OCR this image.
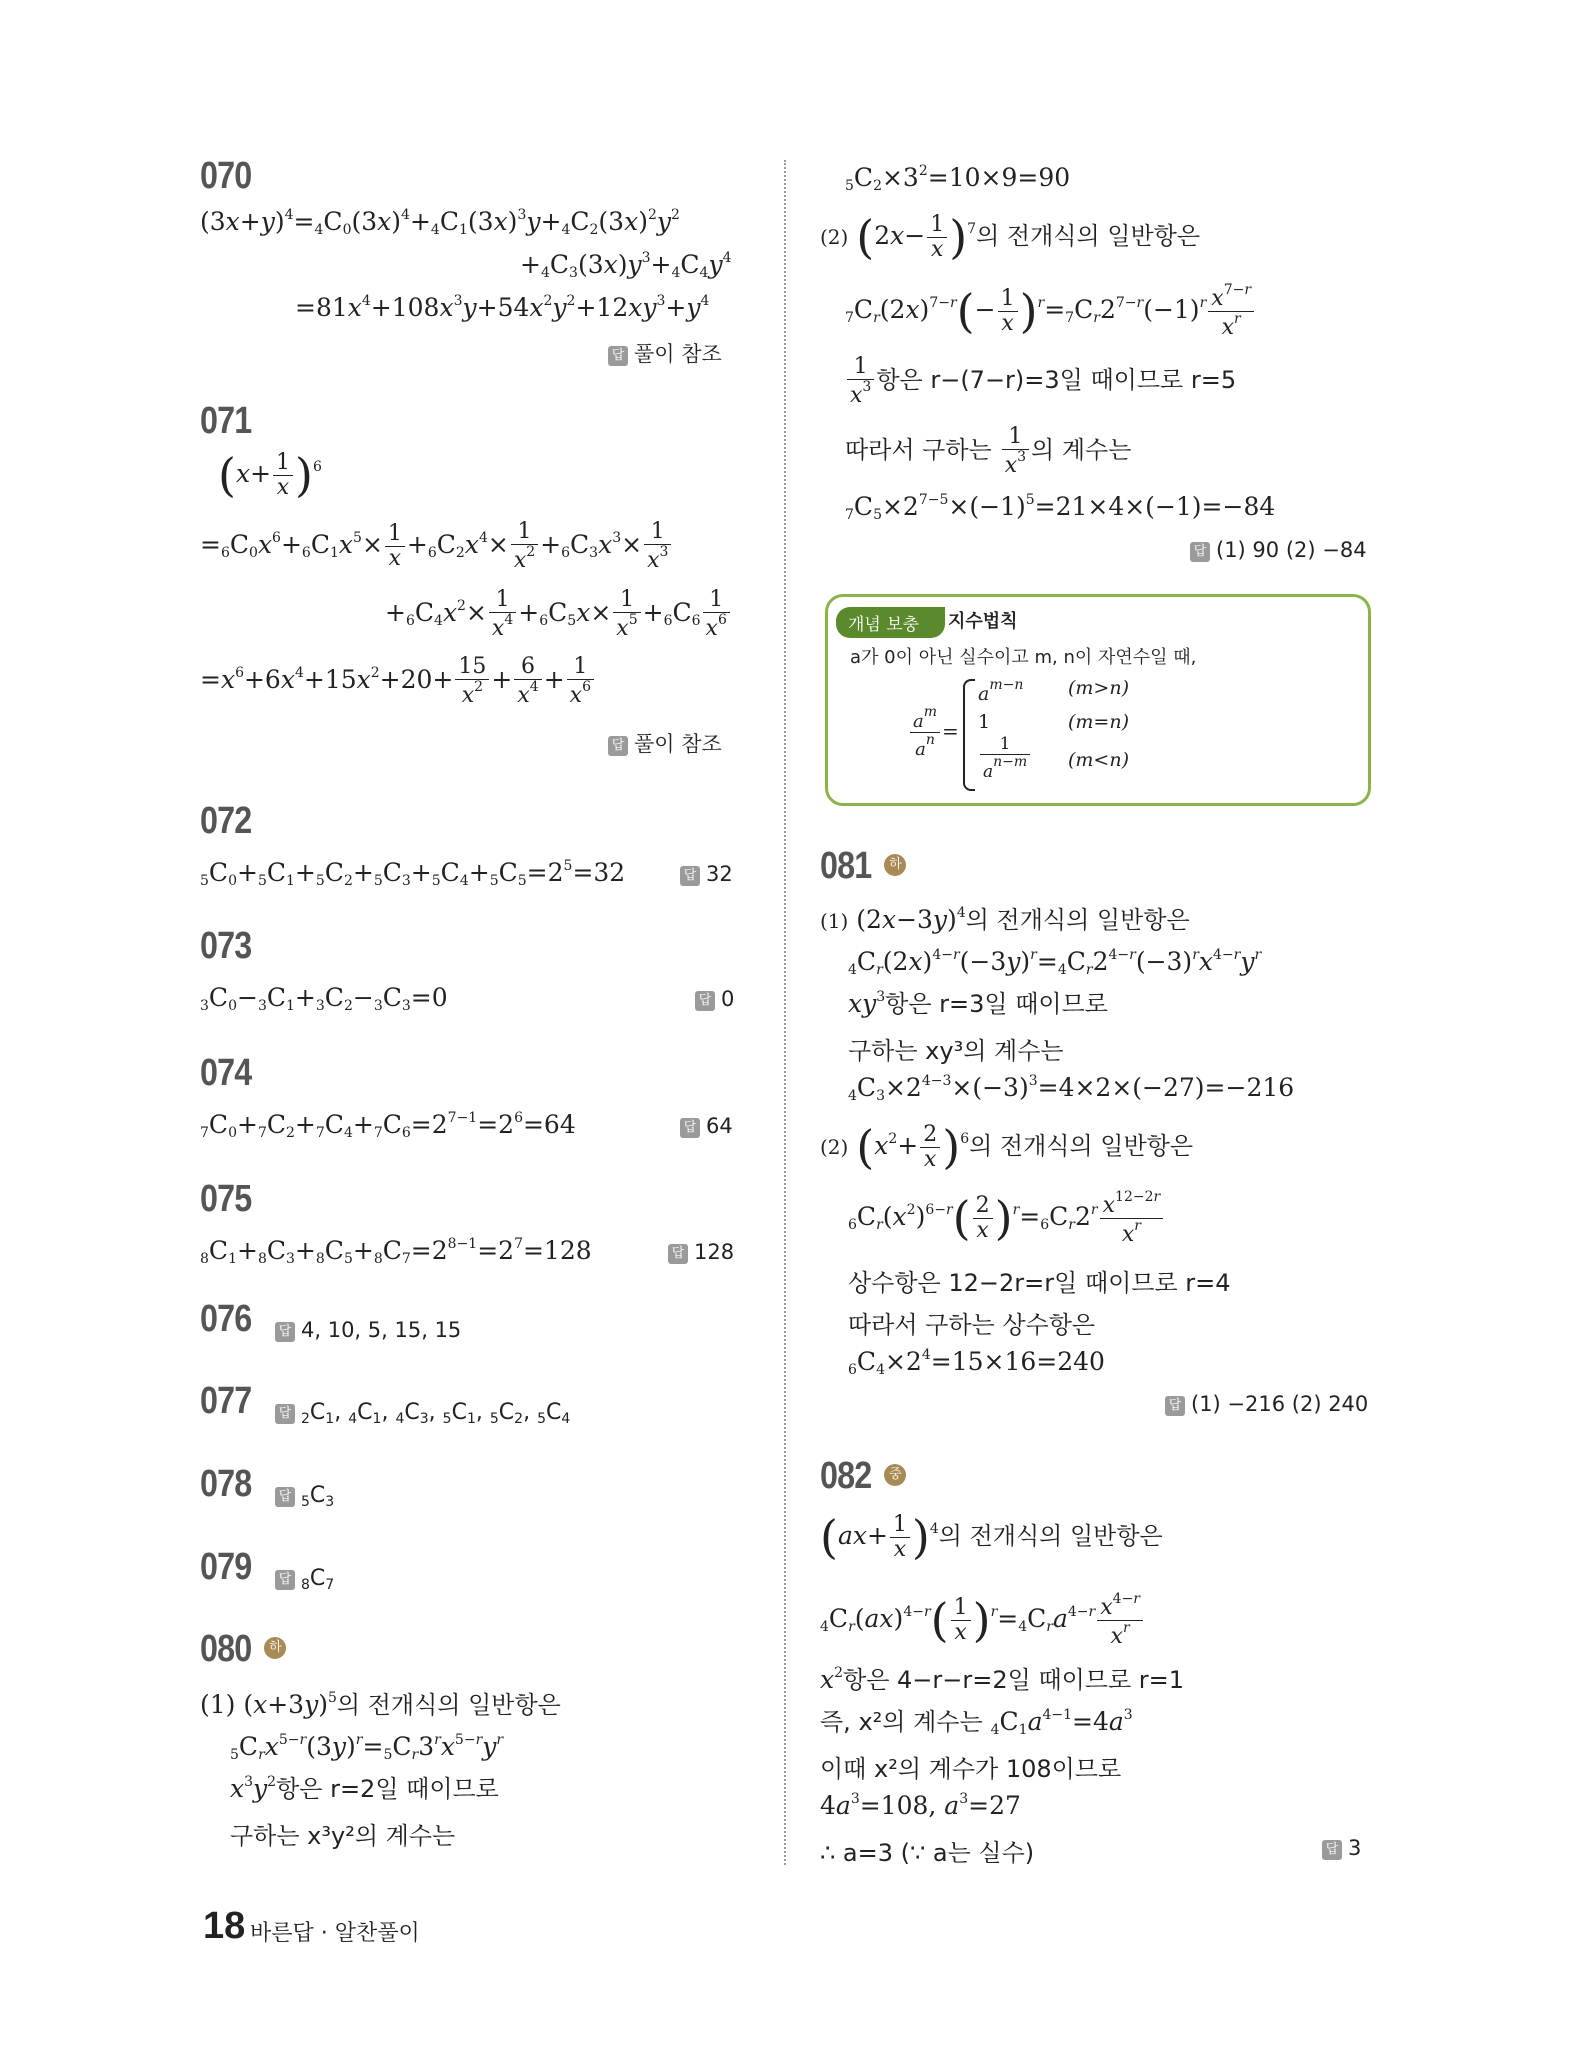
070
$(3x+y)^4=_4C_0(3x)^4+_4C_1(3x)^3y+_4C_2(3x)^2y^2$
$+_4C_3(3x)y^3+_4C_4y^4$
$=81x^4+108x^3y+54x^2y^2+12xy^3+y^4$
답 풀이 참조
071
$(x+ \frac{1}{x} )^6$
$=_6C_0x^6+_6C_1x^5\times \frac{1}{x} +_6C_2x^4\times \frac{1}{x^2} +_6C_3x^3\times \frac{1}{x^3}$
$+_6C_4x^2\times \frac{1}{x^4} +_6C_5x\times \frac{1}{x^5} +_6C_6 \frac{1}{x^6}$
$=x^6+6x^4+15x^2+20+ \frac{15}{x^2} + \frac{6}{x^4} + \frac{1}{x^6}$
답 풀이 참조
072
$_5C_0+_5C_1+_5C_2+_5C_3+_5C_4+_5C_5=2^5=32$	답 32
073
$_3C_0-_3C_1+_3C_2-_3C_3=0$	답 0
074
$_7C_0+_7C_2+_7C_4+_7C_6=2^{7-1}=2^6=64$	답 64
075
$_8C_1+_8C_3+_8C_5+_8C_7=2^{8-1}=2^7=128$	답 128
076	답 4, 10, 5, 15, 15
077	답 $_2C_1$, $_4C_1$, $_4C_3$, $_5C_1$, $_5C_2$, $_5C_4$
078	답 $_5C_3$
079	답 $_8C_7$
080 하
(1) $(x+3y)^5$의 전개식의 일반항은
$_5C_rx^{5-r}(3y)^r=_5C_r3^rx^{5-r}y^r$
$x^3y^2$항은 r=2일 때이므로
구하는 x³y²의 계수는
$_5C_2\times 3^2=10\times 9=90$
(2) $(2x- \frac{1}{x} )^7$의 전개식의 일반항은
$_7C_r(2x)^{7-r}(- \frac{1}{x} )^r=_7C_r2^{7-r}(-1)^r \frac{x^{7-r}}{x^r}$
$\frac{1}{x^3}$ 항은 r−(7−r)=3일 때이므로 r=5
따라서 구하는 $\frac{1}{x^3}$ 의 계수는
$_7C_5\times 2^{7-5}\times(-1)^5=21\times 4\times(-1)=-84$
답 (1) 90 (2) −84
개념 보충	지수법칙
a가 0이 아닌 실수이고 m, n이 자연수일 때,
$\frac{a^m}{a^n}$ =
$a^{m-n}$
1
$\frac{1}{a^{n-m}}$
(m>n)
(m=n)
(m<n)
081 하
(1) $(2x-3y)^4$의 전개식의 일반항은
$_4C_r(2x)^{4-r}(-3y)^r=_4C_r2^{4-r}(-3)^rx^{4-r}y^r$
$xy^3$항은 r=3일 때이므로
구하는 xy³의 계수는
$_4C_3\times 2^{4-3}\times(-3)^3=4\times 2\times(-27)=-216$
(2) $(x^2+ \frac{2}{x} )^6$의 전개식의 일반항은
$_6C_r(x^2)^{6-r}( \frac{2}{x} )^r=_6C_r2^r \frac{x^{12-2r}}{x^r}$
상수항은 12−2r=r일 때이므로 r=4
따라서 구하는 상수항은
$_6C_4\times 2^4=15\times 16=240$
답 (1) −216 (2) 240
082 중
$(ax+ \frac{1}{x} )^4$의 전개식의 일반항은
$_4C_r(ax)^{4-r}( \frac{1}{x} )^r=_4C_ra^{4-r} \frac{x^{4-r}}{x^r}$
$x^2$항은 4−r−r=2일 때이므로 r=1
즉, x²의 계수는 $_4C_1a^{4-1}=4a^3$
이때 x²의 계수가 108이므로
$4a^3=108$, $a^3=27$
∴ a=3 (∵ a는 실수)	답 3
18 바른답 · 알찬풀이
